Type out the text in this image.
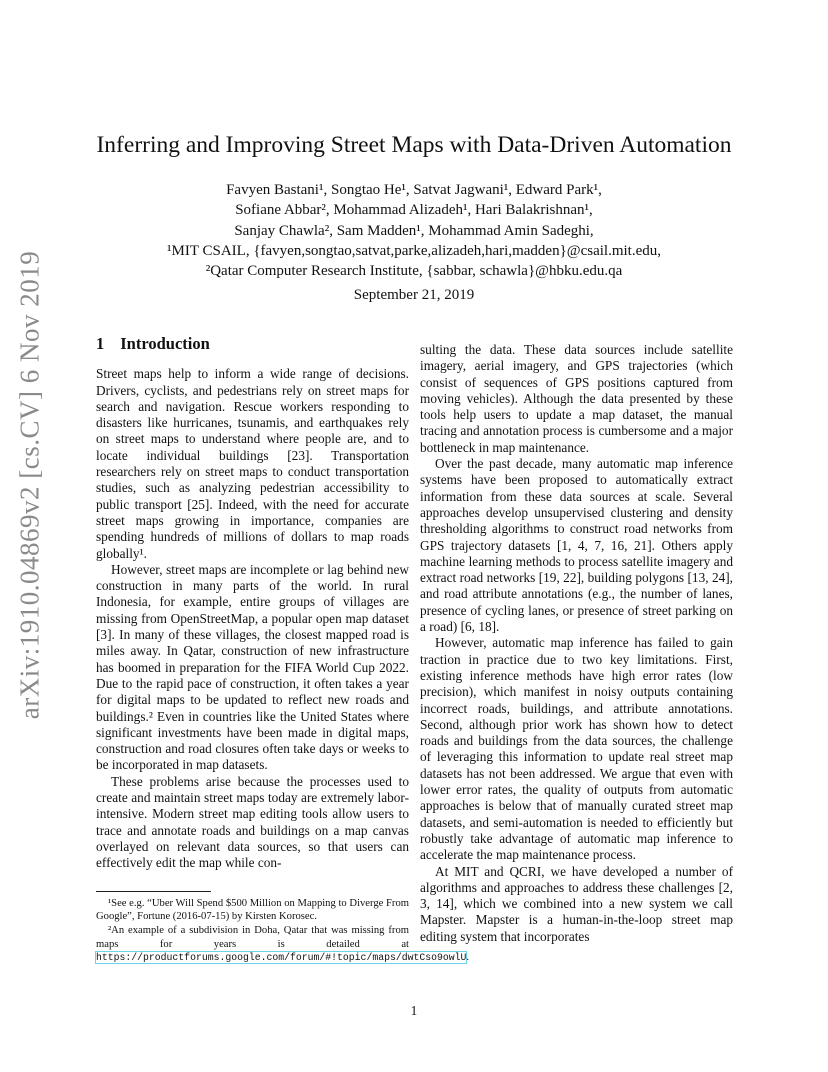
arXiv:1910.04869v2 [cs.CV] 6 Nov 2019
Inferring and Improving Street Maps with Data-Driven Automation
Favyen Bastani¹, Songtao He¹, Satvat Jagwani¹, Edward Park¹,
Sofiane Abbar², Mohammad Alizadeh¹, Hari Balakrishnan¹,
Sanjay Chawla², Sam Madden¹, Mohammad Amin Sadeghi,
¹MIT CSAIL, {favyen,songtao,satvat,parke,alizadeh,hari,madden}@csail.mit.edu,
²Qatar Computer Research Institute, {sabbar, schawla}@hbku.edu.qa
September 21, 2019
1 Introduction

Street maps help to inform a wide range of decisions. Drivers, cyclists, and pedestrians rely on street maps for search and navigation. Rescue workers responding to disasters like hurricanes, tsunamis, and earthquakes rely on street maps to understand where people are, and to locate individual buildings [23]. Transportation researchers rely on street maps to conduct transportation studies, such as analyzing pedestrian accessibility to public transport [25]. Indeed, with the need for accurate street maps growing in importance, companies are spending hundreds of millions of dollars to map roads globally¹.

However, street maps are incomplete or lag behind new construction in many parts of the world. In rural Indonesia, for example, entire groups of villages are missing from OpenStreetMap, a popular open map dataset [3]. In many of these villages, the closest mapped road is miles away. In Qatar, construction of new infrastructure has boomed in preparation for the FIFA World Cup 2022. Due to the rapid pace of construction, it often takes a year for digital maps to be updated to reflect new roads and buildings.² Even in countries like the United States where significant investments have been made in digital maps, construction and road closures often take days or weeks to be incorporated in map datasets.

These problems arise because the processes used to create and maintain street maps today are extremely labor-intensive. Modern street map editing tools allow users to trace and annotate roads and buildings on a map canvas overlayed on relevant data sources, so that users can effectively edit the map while con-

sulting the data. These data sources include satellite imagery, aerial imagery, and GPS trajectories (which consist of sequences of GPS positions captured from moving vehicles). Although the data presented by these tools help users to update a map dataset, the manual tracing and annotation process is cumbersome and a major bottleneck in map maintenance.

Over the past decade, many automatic map inference systems have been proposed to automatically extract information from these data sources at scale. Several approaches develop unsupervised clustering and density thresholding algorithms to construct road networks from GPS trajectory datasets [1, 4, 7, 16, 21]. Others apply machine learning methods to process satellite imagery and extract road networks [19, 22], building polygons [13, 24], and road attribute annotations (e.g., the number of lanes, presence of cycling lanes, or presence of street parking on a road) [6, 18].

However, automatic map inference has failed to gain traction in practice due to two key limitations. First, existing inference methods have high error rates (low precision), which manifest in noisy outputs containing incorrect roads, buildings, and attribute annotations. Second, although prior work has shown how to detect roads and buildings from the data sources, the challenge of leveraging this information to update real street map datasets has not been addressed. We argue that even with lower error rates, the quality of outputs from automatic approaches is below that of manually curated street map datasets, and semi-automation is needed to efficiently but robustly take advantage of automatic map inference to accelerate the map maintenance process.

At MIT and QCRI, we have developed a number of algorithms and approaches to address these challenges [2, 3, 14], which we combined into a new system we call Mapster. Mapster is a human-in-the-loop street map editing system that incorporates

¹See e.g. “Uber Will Spend $500 Million on Mapping to Diverge From Google”, Fortune (2016-07-15) by Kirsten Korosec.

²An example of a subdivision in Doha, Qatar that was missing from maps for years is detailed at https://productforums.google.com/forum/#!topic/maps/dwtCso9owlU.

1
